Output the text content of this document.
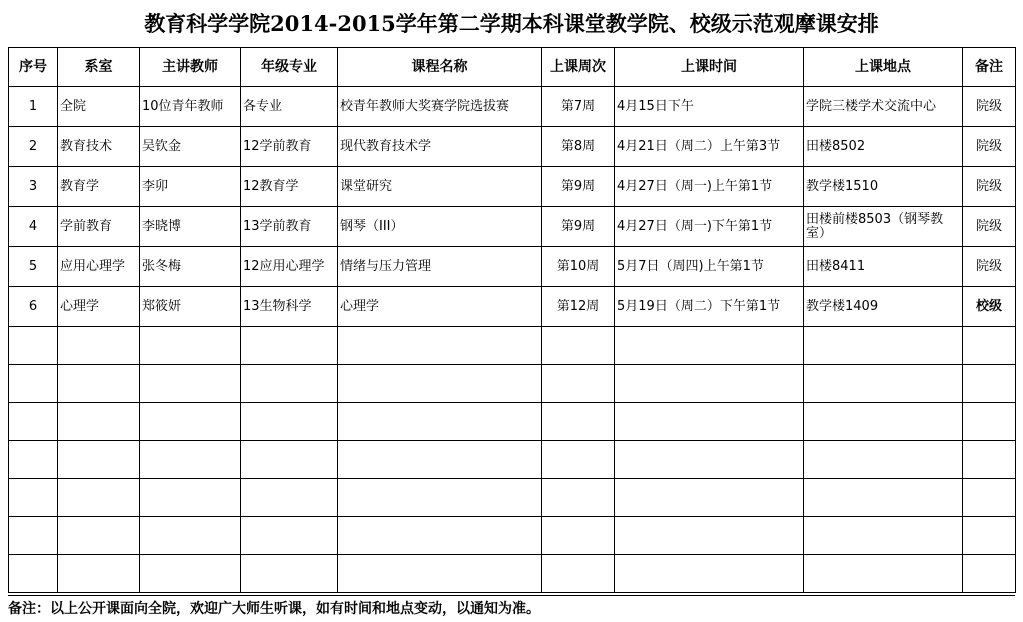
教育科学学院2014-2015学年第二学期本科课堂教学院、校级示范观摩课安排
序号	系室	主讲教师	年级专业	课程名称	上课周次	上课时间	上课地点	备注
1	全院	10位青年教师	各专业	校青年教师大奖赛学院选拔赛	第7周	4月15日下午	学院三楼学术交流中心	院级
2	教育技术	吴钦金	12学前教育	现代教育技术学	第8周	4月21日（周二）上午第3节	田楼8502	院级
3	教育学	李卯	12教育学	课堂研究	第9周	4月27日（周一)上午第1节	教学楼1510	院级
4	学前教育	李晓博	13学前教育	钢琴（III）	第9周	4月27日（周一)下午第1节	田楼前楼8503（钢琴教室）	院级
5	应用心理学	张冬梅	12应用心理学	情绪与压力管理	第10周	5月7日（周四)上午第1节	田楼8411	院级
6	心理学	郑筱妍	13生物科学	心理学	第12周	5月19日（周二）下午第1节	教学楼1409	校级

备注：以上公开课面向全院，欢迎广大师生听课，如有时间和地点变动，以通知为准。
